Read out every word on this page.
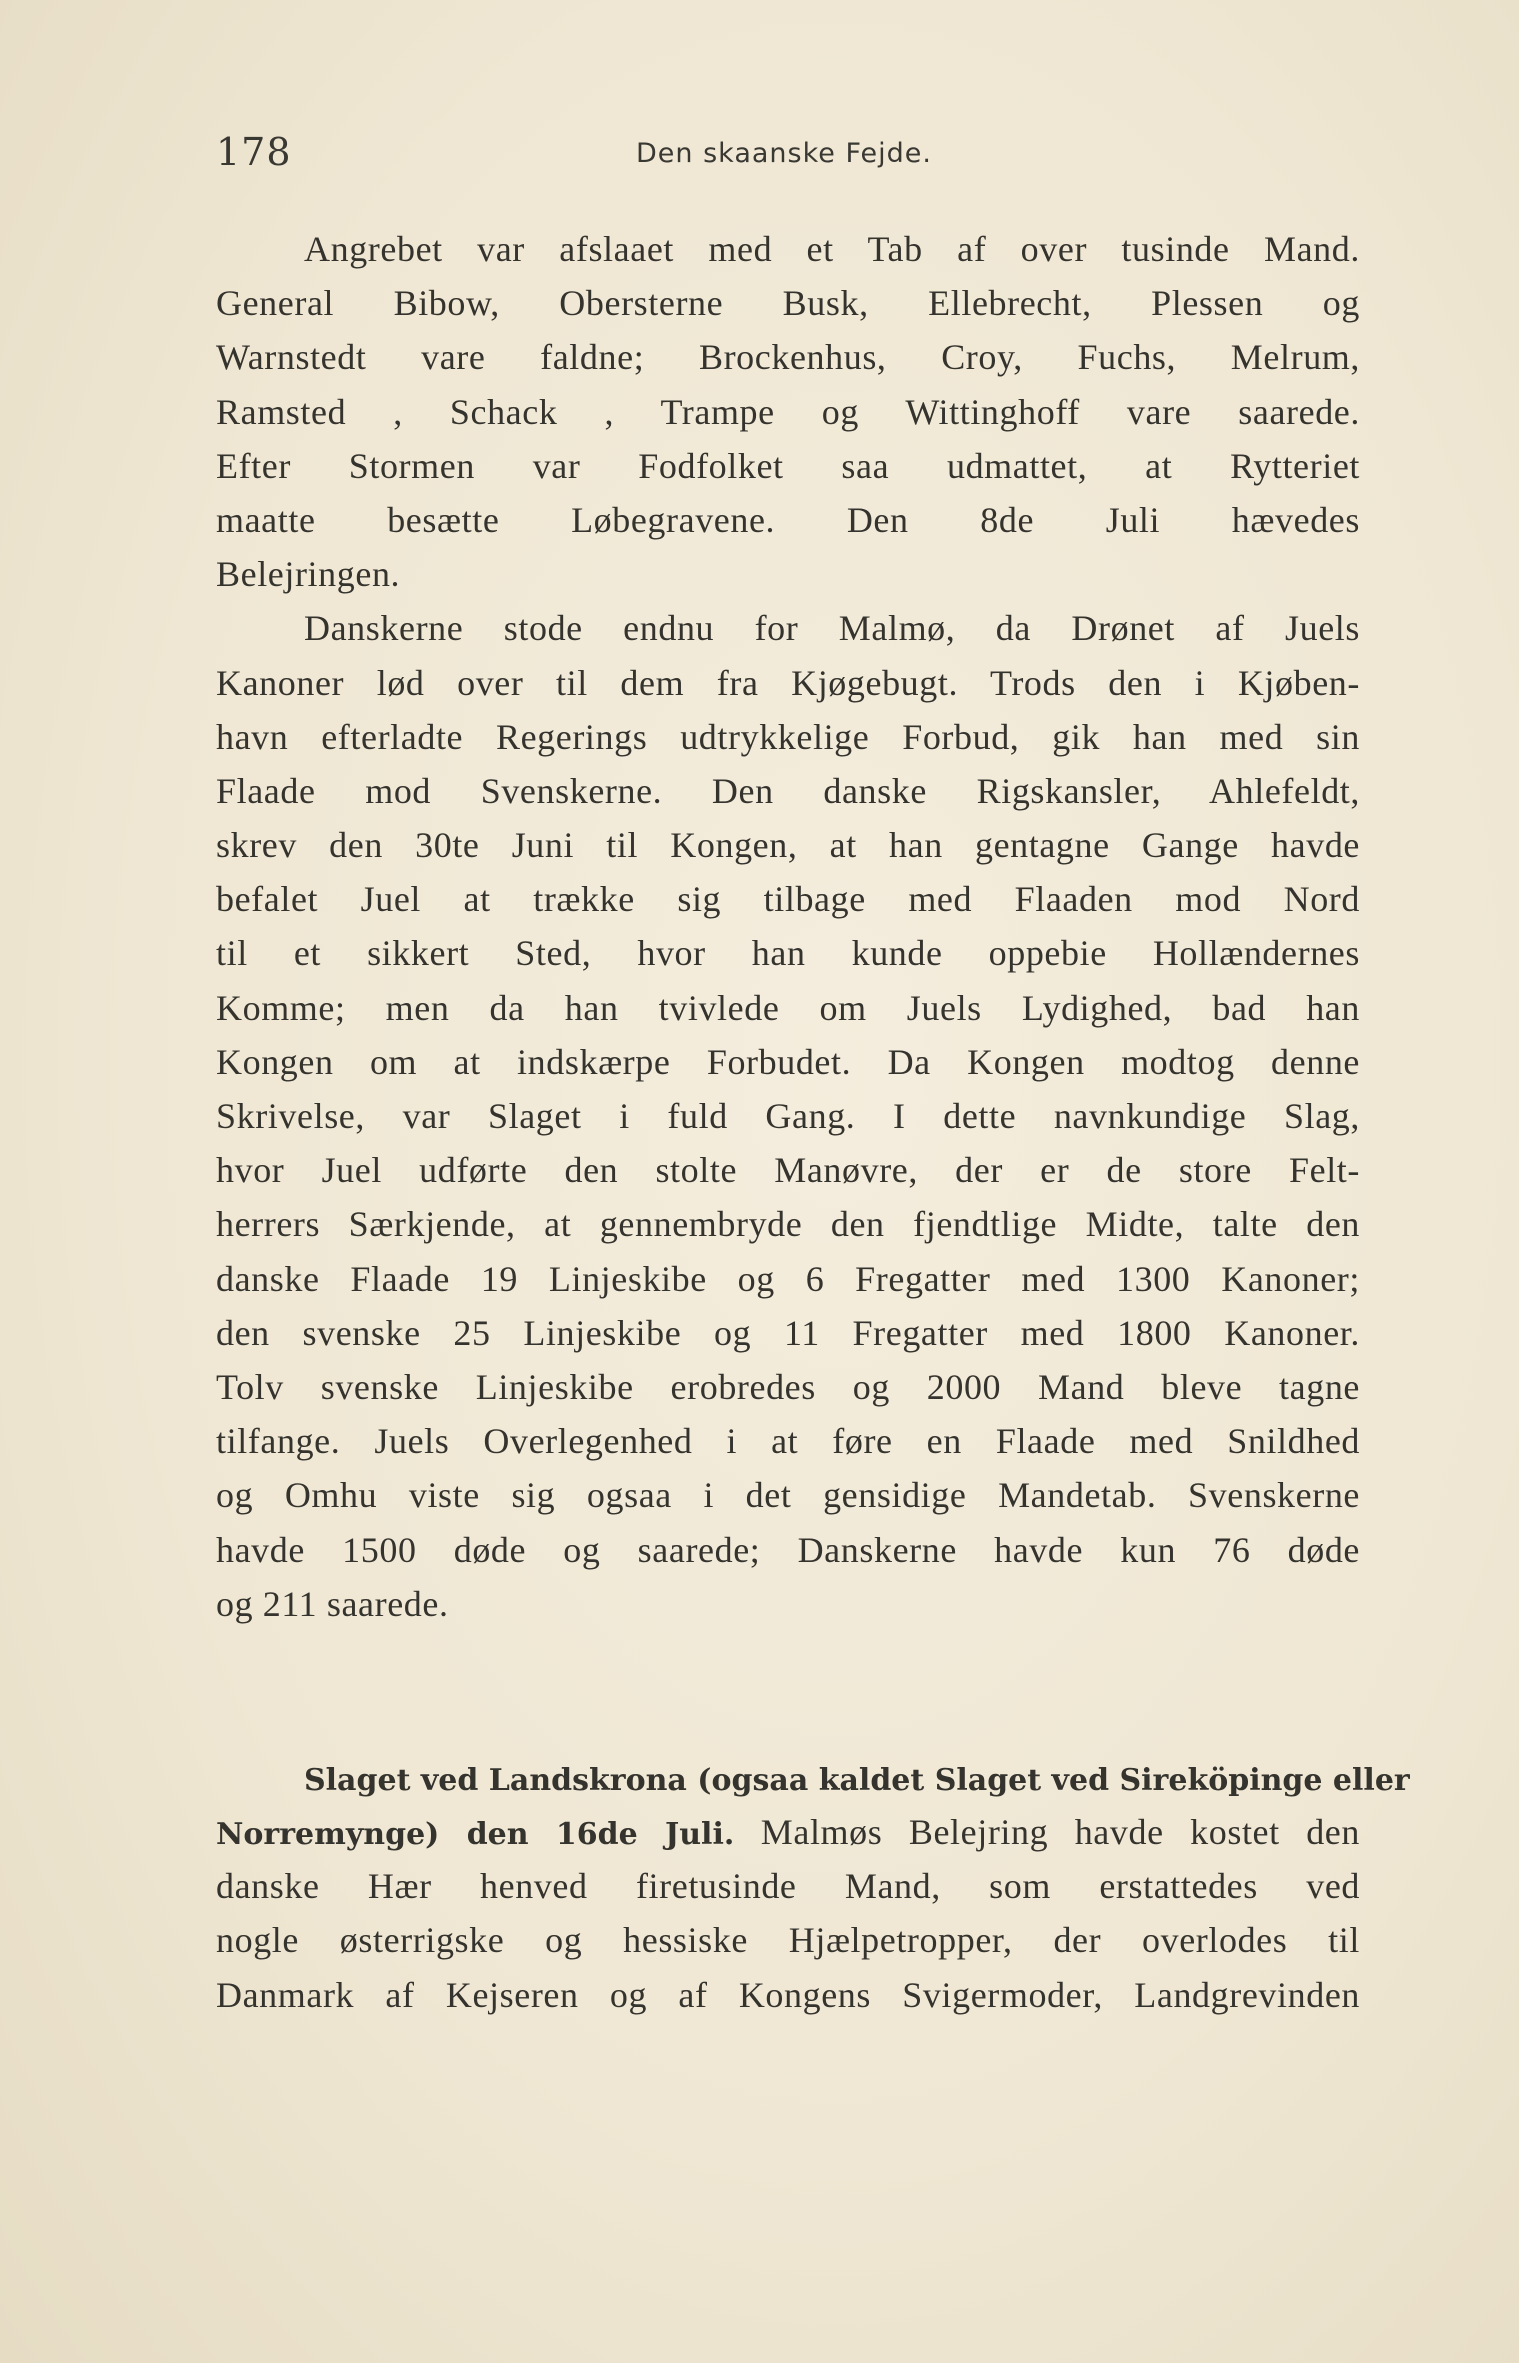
178	Den skaanske Fejde.
Angrebet var afslaaet med et Tab af over tusinde Mand.
General Bibow, Obersterne Busk, Ellebrecht, Plessen og
Warnstedt vare faldne; Brockenhus, Croy, Fuchs, Melrum,
Ramsted , Schack , Trampe og Wittinghoff vare saarede.
Efter Stormen var Fodfolket saa udmattet, at Rytteriet
maatte besætte Løbegravene. Den 8de Juli hævedes
Belejringen.
Danskerne stode endnu for Malmø, da Drønet af Juels
Kanoner lød over til dem fra Kjøgebugt. Trods den i Kjøben-
havn efterladte Regerings udtrykkelige Forbud, gik han med sin
Flaade mod Svenskerne. Den danske Rigskansler, Ahlefeldt,
skrev den 30te Juni til Kongen, at han gentagne Gange havde
befalet Juel at trække sig tilbage med Flaaden mod Nord
til et sikkert Sted, hvor han kunde oppebie Hollændernes
Komme; men da han tvivlede om Juels Lydighed, bad han
Kongen om at indskærpe Forbudet. Da Kongen modtog denne
Skrivelse, var Slaget i fuld Gang. I dette navnkundige Slag,
hvor Juel udførte den stolte Manøvre, der er de store Felt-
herrers Særkjende, at gennembryde den fjendtlige Midte, talte den
danske Flaade 19 Linjeskibe og 6 Fregatter med 1300 Kanoner;
den svenske 25 Linjeskibe og 11 Fregatter med 1800 Kanoner.
Tolv svenske Linjeskibe erobredes og 2000 Mand bleve tagne
tilfange. Juels Overlegenhed i at føre en Flaade med Snildhed
og Omhu viste sig ogsaa i det gensidige Mandetab. Svenskerne
havde 1500 døde og saarede; Danskerne havde kun 76 døde
og 211 saarede.
Slaget ved Landskrona (ogsaa kaldet Slaget ved Sireköpinge eller
Norremynge) den 16de Juli. Malmøs Belejring havde kostet den
danske Hær henved firetusinde Mand, som erstattedes ved
nogle østerrigske og hessiske Hjælpetropper, der overlodes til
Danmark af Kejseren og af Kongens Svigermoder, Landgrevinden
